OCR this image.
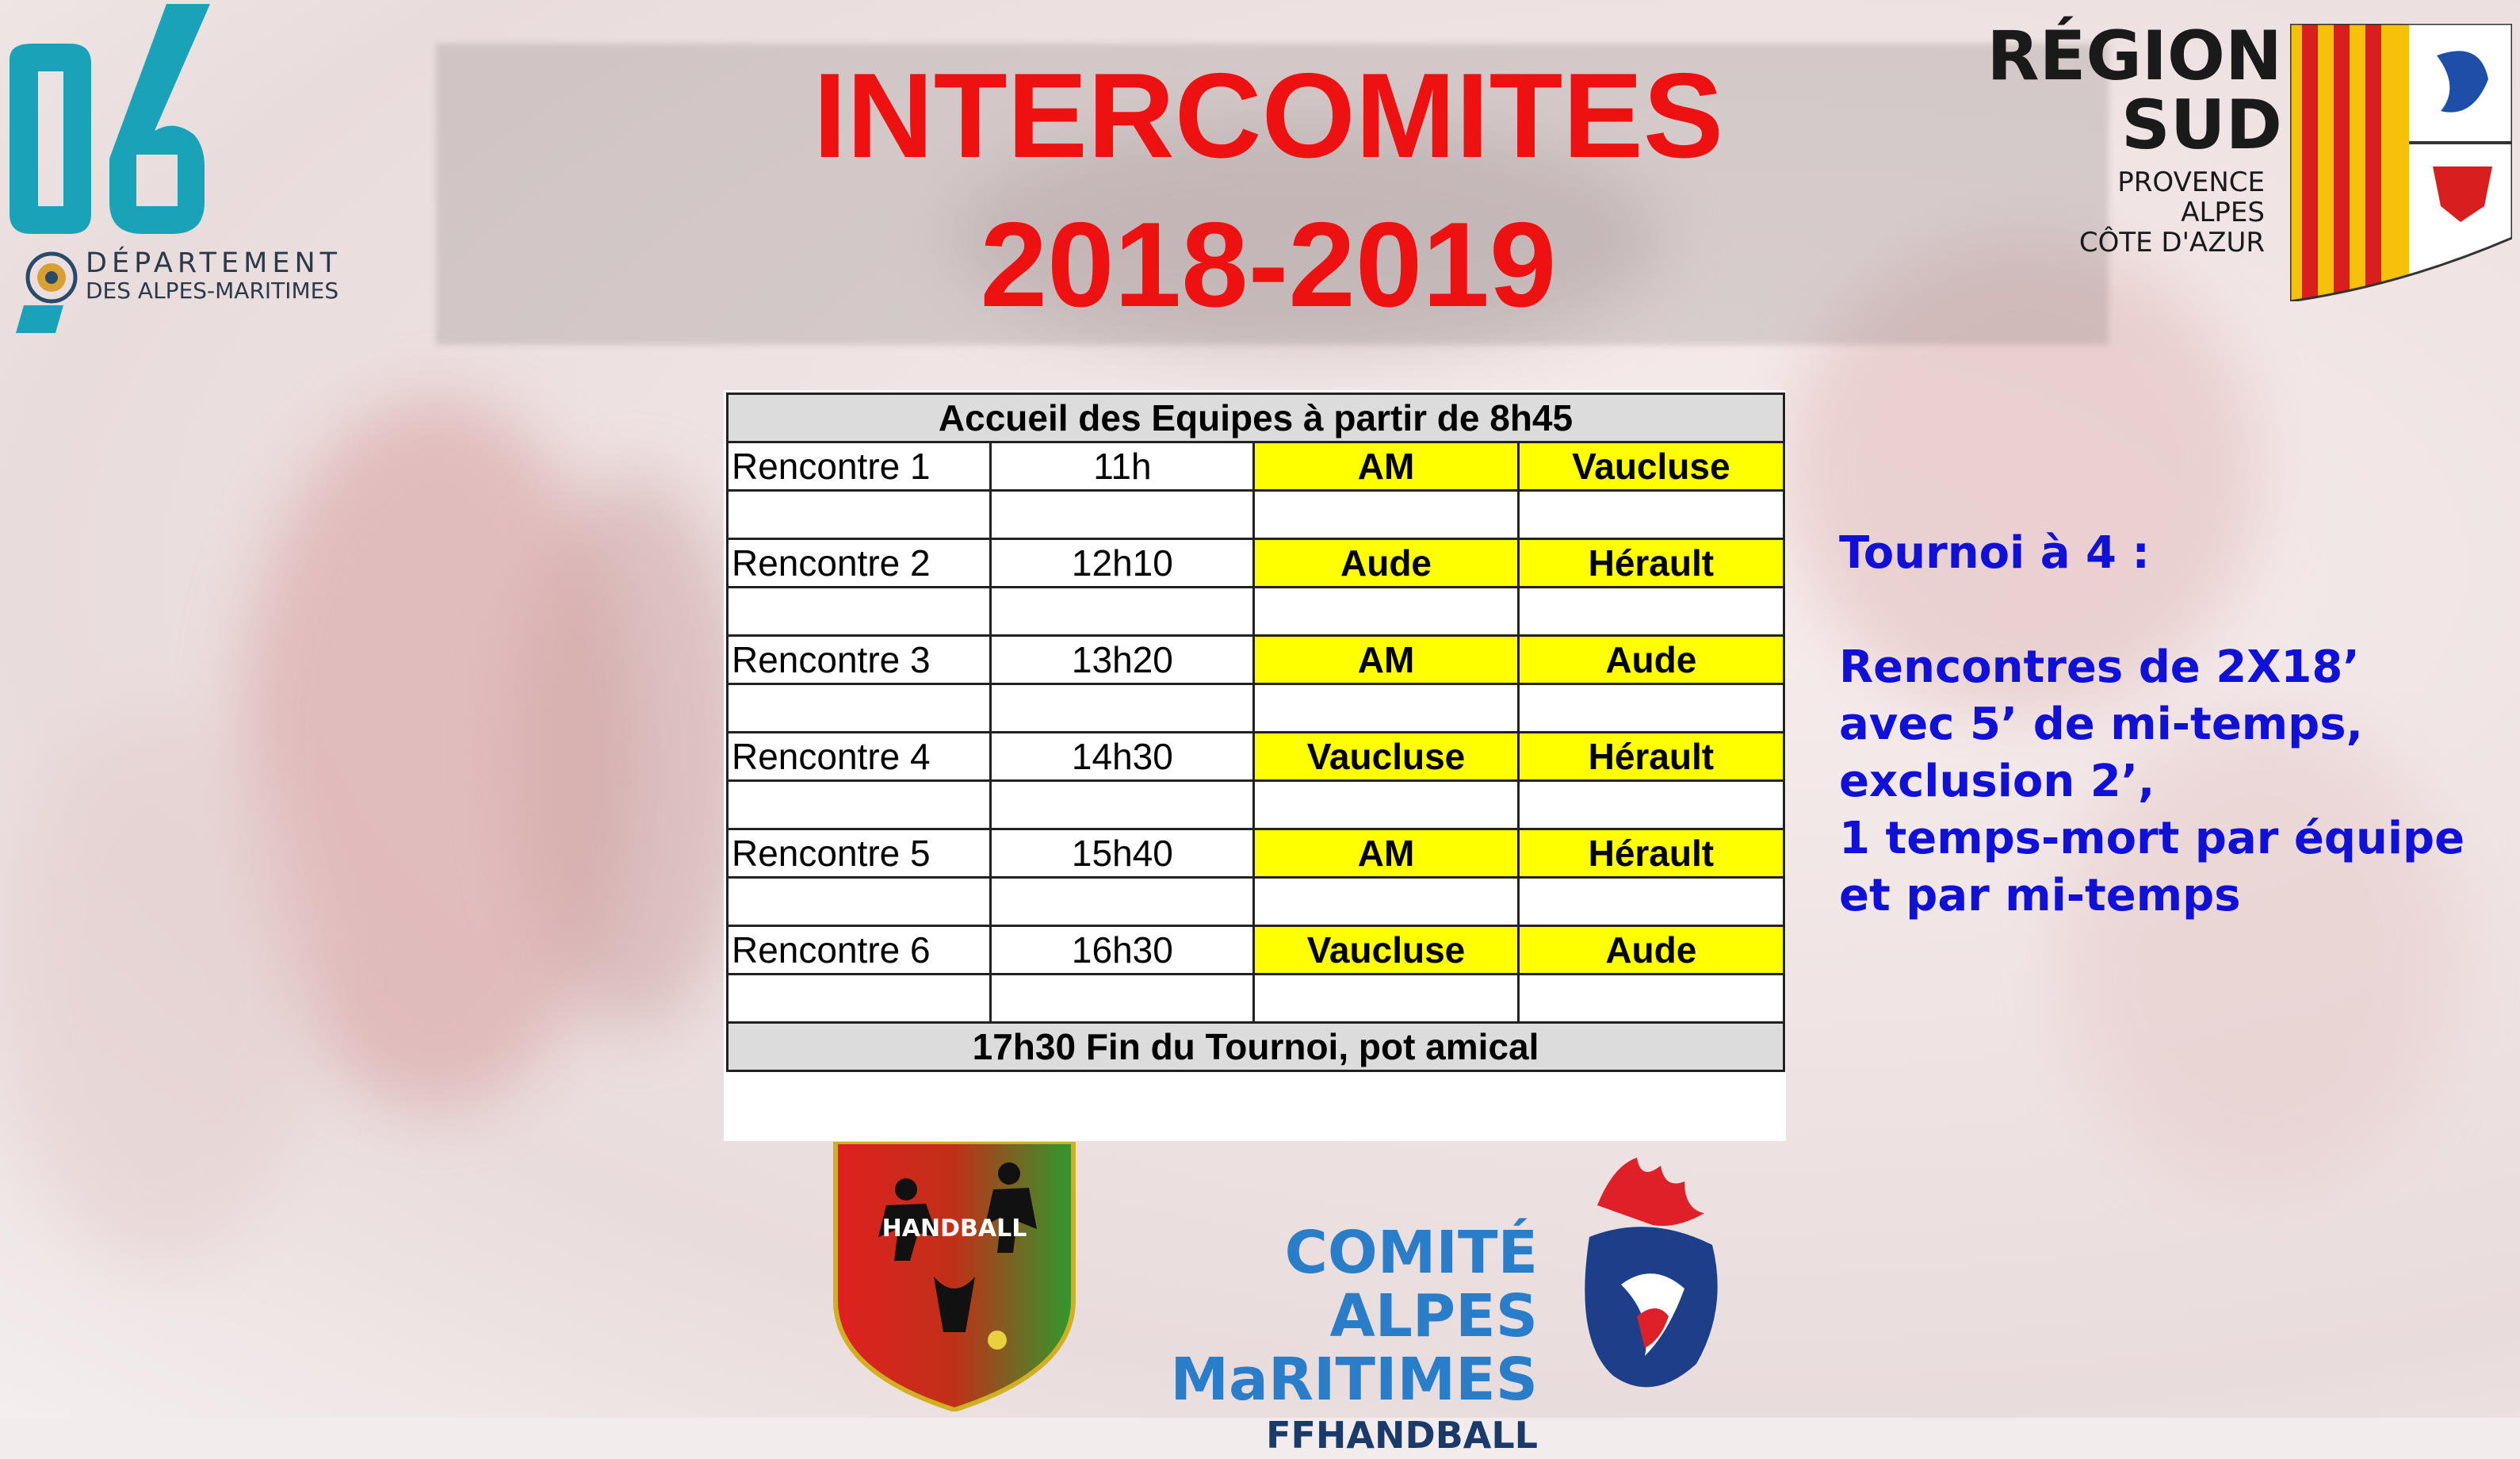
INTERCOMITES
2018-2019
DÉPARTEMENT
DES ALPES-MARITIMES
RÉGION
SUD
PROVENCE
ALPES
CÔTE D'AZUR
Accueil des Equipes à partir de 8h45			
Rencontre 1	11h	AM	Vaucluse

Rencontre 2	12h10	Aude	Hérault

Rencontre 3	13h20	AM	Aude

Rencontre 4	14h30	Vaucluse	Hérault

Rencontre 5	15h40	AM	Hérault

Rencontre 6	16h30	Vaucluse	Aude

17h30 Fin du Tournoi, pot amical			

Tournoi à 4 :

Rencontres de 2X18’

avec 5’ de mi-temps,

exclusion 2’,

1 temps-mort par équipe

et par mi-temps

HANDBALL	COMITÉ ALPES
MaRITIMES
FFHANDBALL
